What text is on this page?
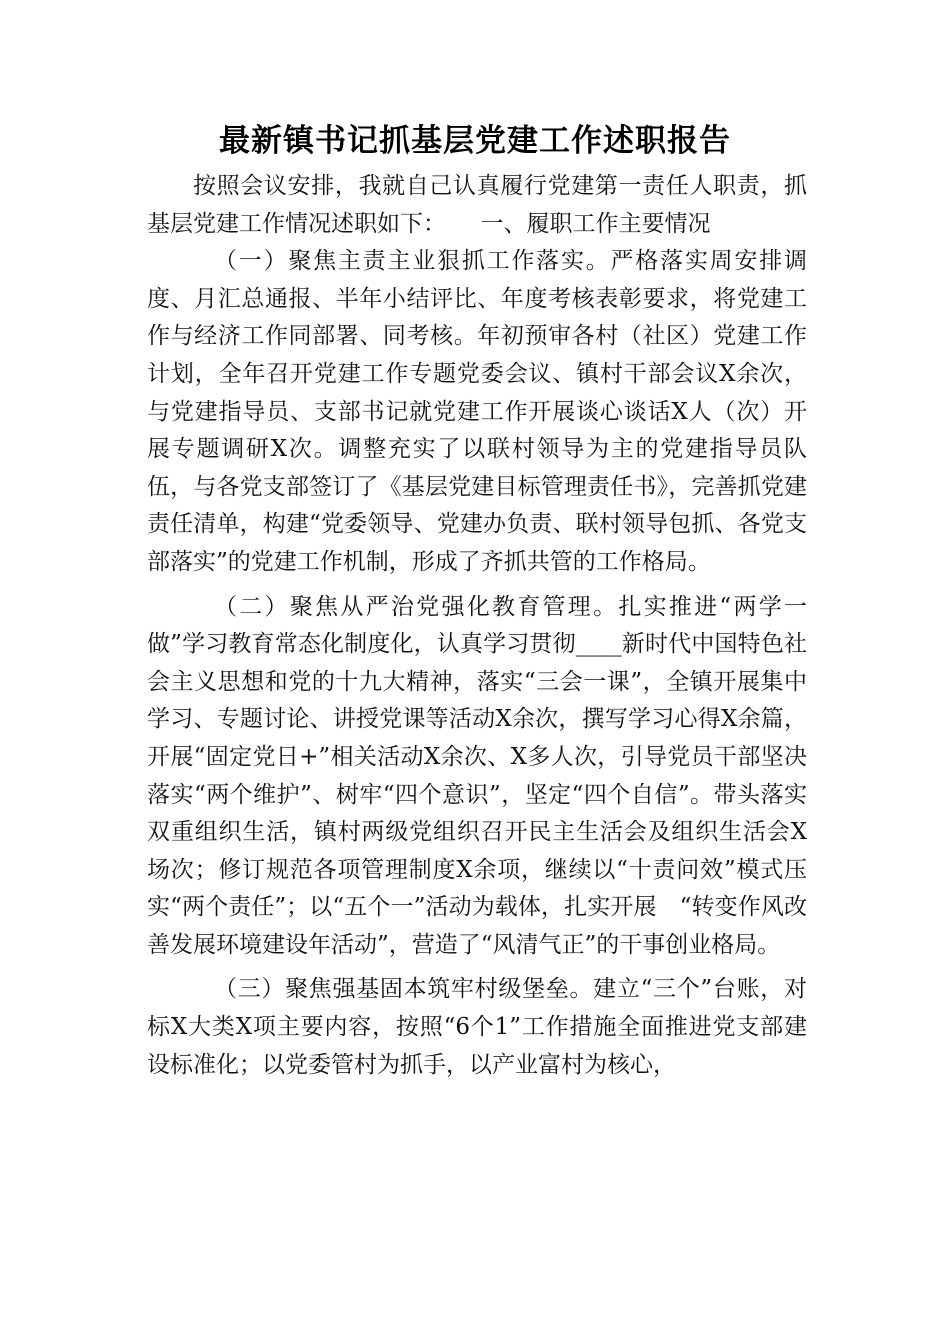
最新镇书记抓基层党建工作述职报告

按照会议安排，我就自己认真履行党建第一责任人职责，抓基层党建工作情况述职如下：　　一、履职工作主要情况

（一）聚焦主责主业狠抓工作落实。严格落实周安排调度、月汇总通报、半年小结评比、年度考核表彰要求，将党建工作与经济工作同部署、同考核。年初预审各村（社区）党建工作计划，全年召开党建工作专题党委会议、镇村干部会议X余次，与党建指导员、支部书记就党建工作开展谈心谈话X人（次）开展专题调研X次。调整充实了以联村领导为主的党建指导员队伍，与各党支部签订了《基层党建目标管理责任书》，完善抓党建责任清单，构建“党委领导、党建办负责、联村领导包抓、各党支部落实”的党建工作机制，形成了齐抓共管的工作格局。

（二）聚焦从严治党强化教育管理。扎实推进“两学一做”学习教育常态化制度化，认真学习贯彻____新时代中国特色社会主义思想和党的十九大精神，落实“三会一课”，全镇开展集中学习、专题讨论、讲授党课等活动X余次，撰写学习心得X余篇，开展“固定党日+”相关活动X余次、X多人次，引导党员干部坚决落实“两个维护”、树牢“四个意识”，坚定“四个自信”。带头落实双重组织生活，镇村两级党组织召开民主生活会及组织生活会X场次；修订规范各项管理制度X余项，继续以“十责问效”模式压实“两个责任”；以“五个一”活动为载体，扎实开展　“转变作风改善发展环境建设年活动”，营造了“风清气正”的干事创业格局。

（三）聚焦强基固本筑牢村级堡垒。建立“三个”台账，对标X大类X项主要内容，按照“6个1”工作措施全面推进党支部建设标准化；以党委管村为抓手，以产业富村为核心，
